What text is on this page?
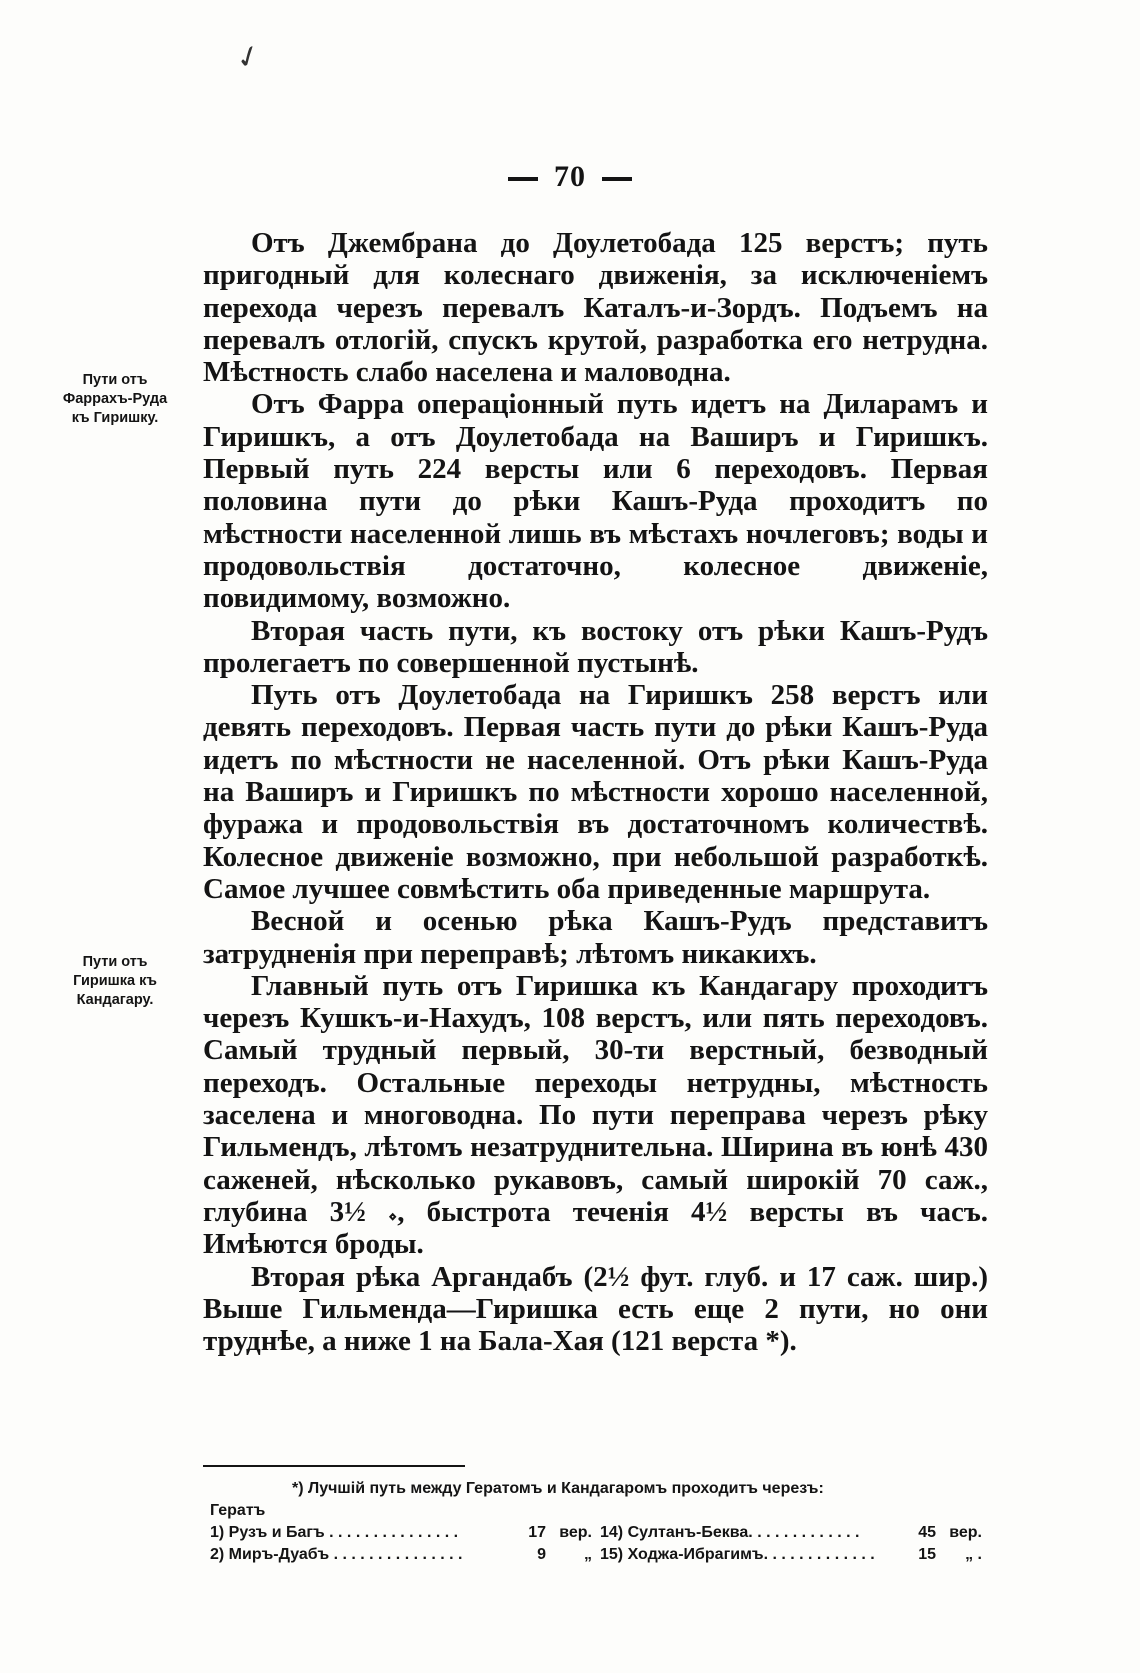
✓
70
Пути отъ Фаррахъ-Руда къ Гиришку.
Пути отъ Гиришка къ Кандагару.

Отъ Джембрана до Доулетобада 125 верстъ; путь пригодный для колеснаго движенія, за исключеніемъ перехода черезъ перевалъ Каталъ-и-Зордъ. Подъемъ на перевалъ отлогій, спускъ крутой, разработка его нетрудна. Мѣстность слабо населена и маловодна.

Отъ Фарра операціонный путь идетъ на Диларамъ и Гиришкъ, а отъ Доулетобада на Ваширъ и Гиришкъ. Первый путь 224 версты или 6 переходовъ. Первая половина пути до рѣки Кашъ-Руда проходитъ по мѣстности населенной лишь въ мѣстахъ ночлеговъ; воды и продовольствія достаточно, колесное движеніе, повидимому, возможно.

Вторая часть пути, къ востоку отъ рѣки Кашъ-Рудъ пролегаетъ по совершенной пустынѣ.

Путь отъ Доулетобада на Гиришкъ 258 верстъ или девять переходовъ. Первая часть пути до рѣки Кашъ-Руда идетъ по мѣстности не населенной. Отъ рѣки Кашъ-Руда на Ваширъ и Гиришкъ по мѣстности хорошо населенной, фуража и продовольствія въ достаточномъ количествѣ. Колесное движеніе возможно, при небольшой разработкѣ. Самое лучшее совмѣстить оба приведенные маршрута.

Весной и осенью рѣка Кашъ-Рудъ представитъ затрудненія при переправѣ; лѣтомъ никакихъ.

Главный путь отъ Гиришка къ Кандагару проходитъ черезъ Кушкъ-и-Нахудъ, 108 верстъ, или пять переходовъ. Самый трудный первый, 30-ти верстный, безводный переходъ. Остальные переходы нетрудны, мѣстность заселена и многоводна. По пути переправа черезъ рѣку Гильмендъ, лѣтомъ незатруднительна. Ширина въ юнѣ 430 саженей, нѣсколько рукавовъ, самый широкій 70 саж., глубина 3½ 𝆹, быстрота теченія 4½ версты въ часъ. Имѣются броды.

Вторая рѣка Аргандабъ (2½ фут. глуб. и 17 саж. шир.) Выше Гильменда—Гиришка есть еще 2 пути, но они труднѣе, а ниже 1 на Бала-Хая (121 верста *).

*) Лучшій путь между Гератомъ и Кандагаромъ проходитъ черезъ:
Гератъ
1) Рузъ и Багъ . . . . . . . . . . . . . . .	17 вер. 14) Султанъ-Беква. . . . . . . . . . . . .	45 вер.
2) Миръ-Дуабъ . . . . . . . . . . . . . . .	9	„ 15) Ходжа-Ибрагимъ. . . . . . . . . . . . .	15	„ .
